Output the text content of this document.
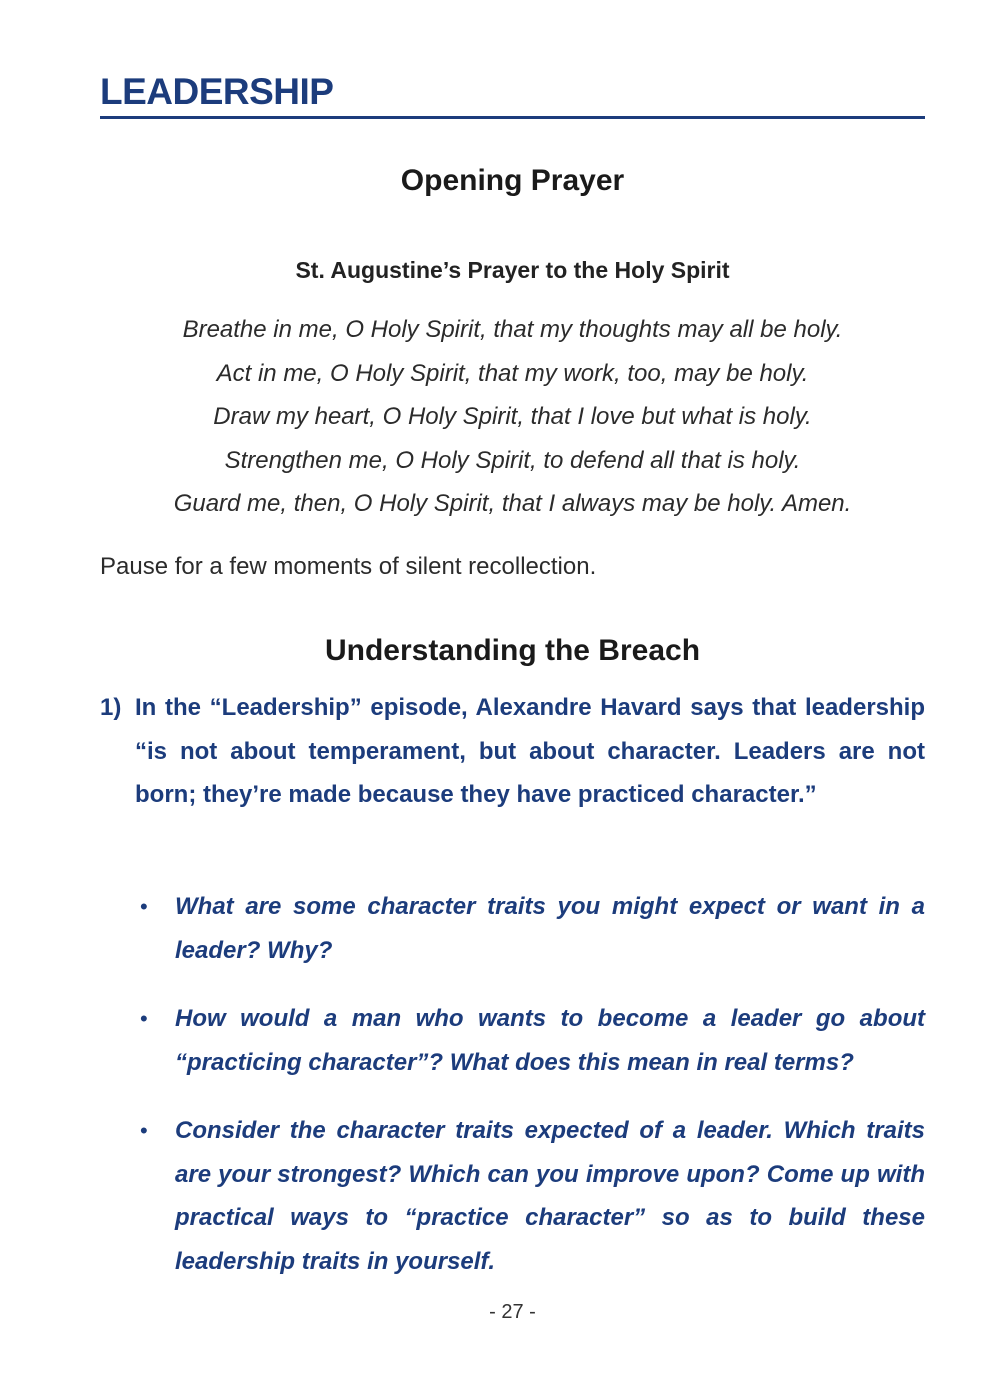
LEADERSHIP
Opening Prayer
St. Augustine’s Prayer to the Holy Spirit
Breathe in me, O Holy Spirit, that my thoughts may all be holy.
Act in me, O Holy Spirit, that my work, too, may be holy.
Draw my heart, O Holy Spirit, that I love but what is holy.
Strengthen me, O Holy Spirit, to defend all that is holy.
Guard me, then, O Holy Spirit, that I always may be holy. Amen.

Pause for a few moments of silent recollection.

Understanding the Breach
1) In the “Leadership” episode, Alexandre Havard says that leadership “is not about temperament, but about character. Leaders are not born; they’re made because they have practiced character.”

• What are some character traits you might expect or want in a leader? Why?

• How would a man who wants to become a leader go about “practicing character”? What does this mean in real terms?

• Consider the character traits expected of a leader. Which traits are your strongest? Which can you improve upon? Come up with practical ways to “practice character” so as to build these leadership traits in yourself.

- 27 -
